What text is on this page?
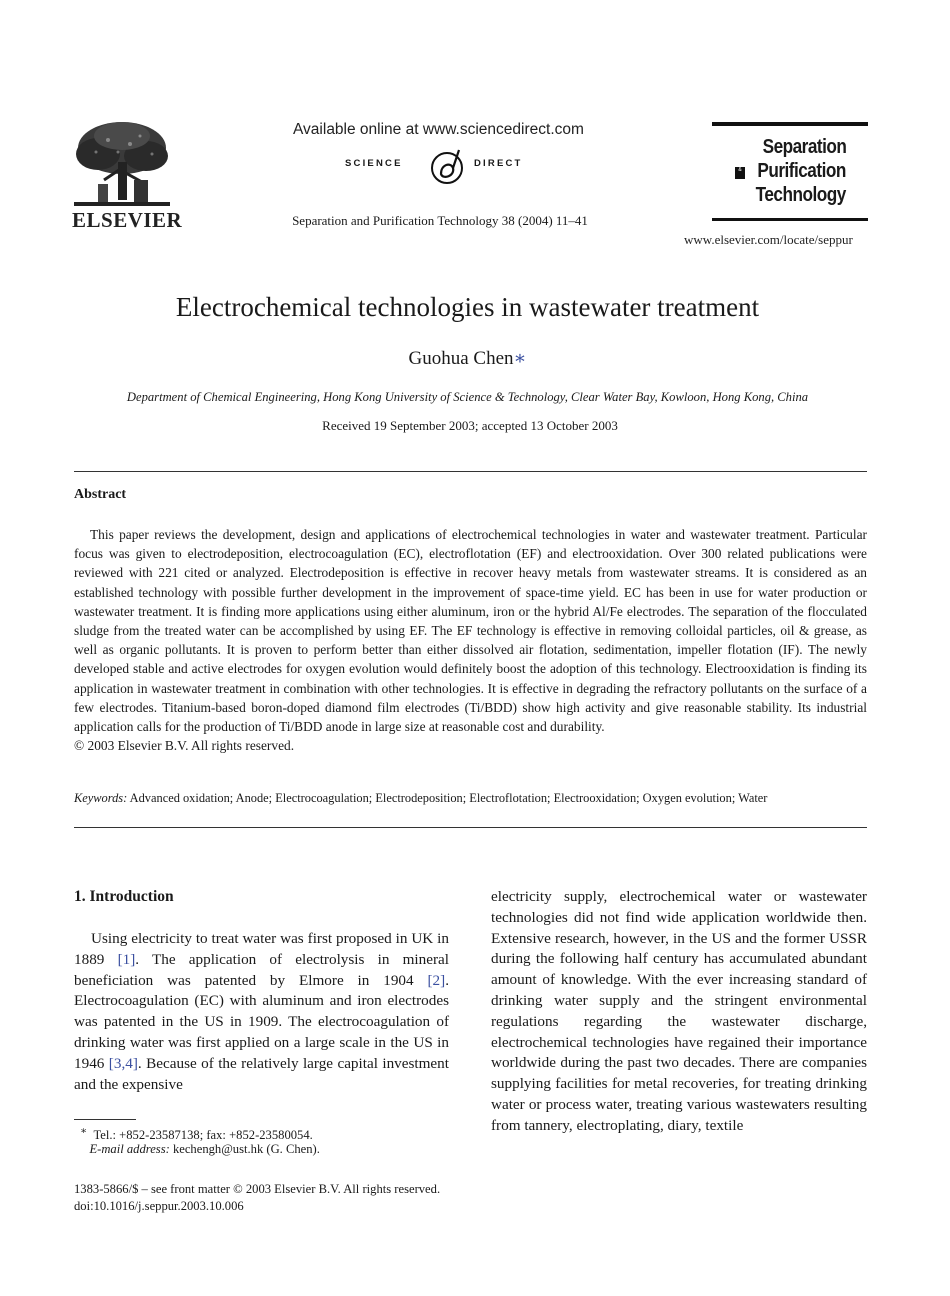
ELSEVIER
Available online at www.sciencedirect.com
SCIENCE	DIRECT
Separation and Purification Technology 38 (2004) 11–41
Separation
& Purification
Technology
www.elsevier.com/locate/seppur
Electrochemical technologies in wastewater treatment
Guohua Chen∗
Department of Chemical Engineering, Hong Kong University of Science & Technology, Clear Water Bay, Kowloon, Hong Kong, China
Received 19 September 2003; accepted 13 October 2003
Abstract
This paper reviews the development, design and applications of electrochemical technologies in water and wastewater treatment. Particular focus was given to electrodeposition, electrocoagulation (EC), electroflotation (EF) and electrooxidation. Over 300 related publications were reviewed with 221 cited or analyzed. Electrodeposition is effective in recover heavy metals from wastewater streams. It is considered as an established technology with possible further development in the improvement of space-time yield. EC has been in use for water production or wastewater treatment. It is finding more applications using either aluminum, iron or the hybrid Al/Fe electrodes. The separation of the flocculated sludge from the treated water can be accomplished by using EF. The EF technology is effective in removing colloidal particles, oil & grease, as well as organic pollutants. It is proven to perform better than either dissolved air flotation, sedimentation, impeller flotation (IF). The newly developed stable and active electrodes for oxygen evolution would definitely boost the adoption of this technology. Electrooxidation is finding its application in wastewater treatment in combination with other technologies. It is effective in degrading the refractory pollutants on the surface of a few electrodes. Titanium-based boron-doped diamond film electrodes (Ti/BDD) show high activity and give reasonable stability. Its industrial application calls for the production of Ti/BDD anode in large size at reasonable cost and durability.
© 2003 Elsevier B.V. All rights reserved.
Keywords: Advanced oxidation; Anode; Electrocoagulation; Electrodeposition; Electroflotation; Electrooxidation; Oxygen evolution; Water
1. Introduction
Using electricity to treat water was first proposed in UK in 1889 [1]. The application of electrolysis in mineral beneficiation was patented by Elmore in 1904 [2]. Electrocoagulation (EC) with aluminum and iron electrodes was patented in the US in 1909. The electrocoagulation of drinking water was first applied on a large scale in the US in 1946 [3,4]. Because of the relatively large capital investment and the expensive
electricity supply, electrochemical water or wastewater technologies did not find wide application worldwide then. Extensive research, however, in the US and the former USSR during the following half century has accumulated abundant amount of knowledge. With the ever increasing standard of drinking water supply and the stringent environmental regulations regarding the wastewater discharge, electrochemical technologies have regained their importance worldwide during the past two decades. There are companies supplying facilities for metal recoveries, for treating drinking water or process water, treating various wastewaters resulting from tannery, electroplating, diary, textile
∗ Tel.: +852-23587138; fax: +852-23580054.
E-mail address: kechengh@ust.hk (G. Chen).
1383-5866/$ – see front matter © 2003 Elsevier B.V. All rights reserved.
doi:10.1016/j.seppur.2003.10.006
